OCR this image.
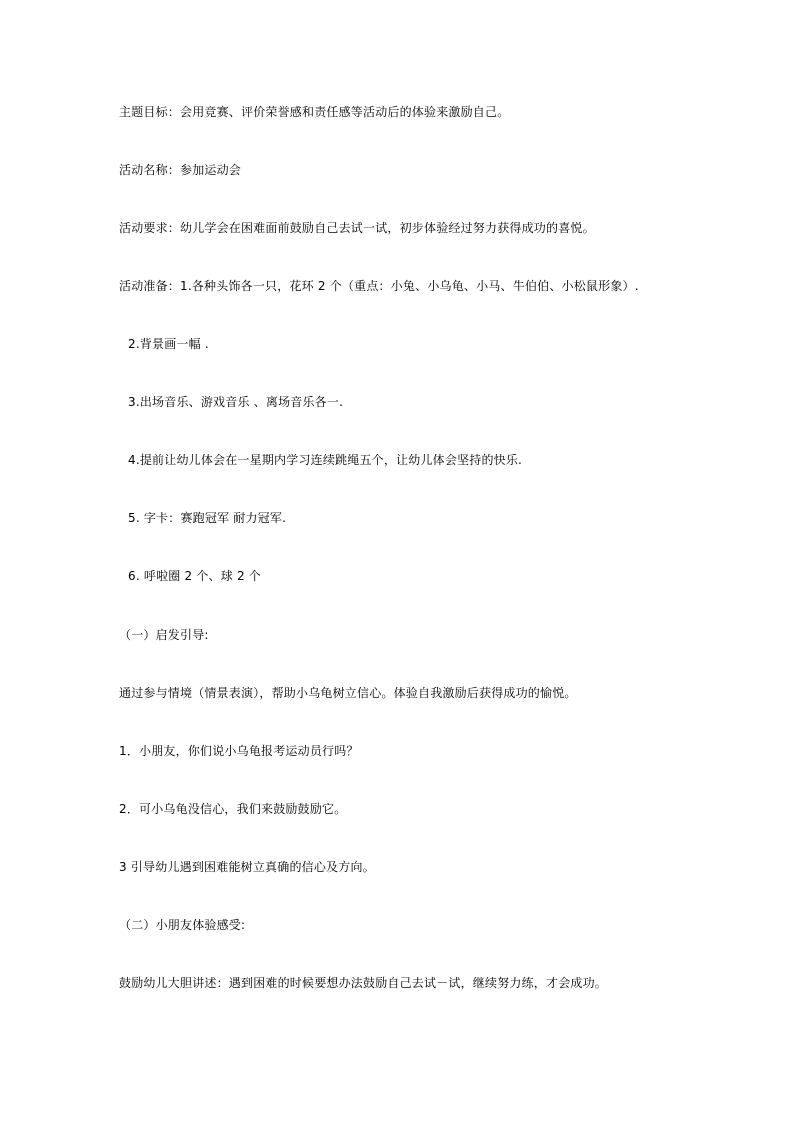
主题目标：会用竞赛、评价荣誉感和责任感等活动后的体验来激励自己。
活动名称：参加运动会
活动要求：幼儿学会在困难面前鼓励自己去试一试，初步体验经过努力获得成功的喜悦。
活动准备：1.各种头饰各一只，花环 2 个（重点：小兔、小乌龟、小马、牛伯伯、小松鼠形象）.
2.背景画一幅 .
3.出场音乐、游戏音乐 、离场音乐各一.
4.提前让幼儿体会在一星期内学习连续跳绳五个，让幼儿体会坚持的快乐.
5. 字卡：赛跑冠军 耐力冠军.
6. 呼啦圈 2 个、球 2 个
（一）启发引导:
通过参与情境（情景表演），帮助小乌龟树立信心。体验自我激励后获得成功的愉悦。
1．小朋友，你们说小乌龟报考运动员行吗？
2．可小乌龟没信心，我们来鼓励鼓励它。
3 引导幼儿遇到困难能树立真确的信心及方向。
（二）小朋友体验感受:
鼓励幼儿大胆讲述：遇到困难的时候要想办法鼓励自己去试－试，继续努力练，才会成功。
